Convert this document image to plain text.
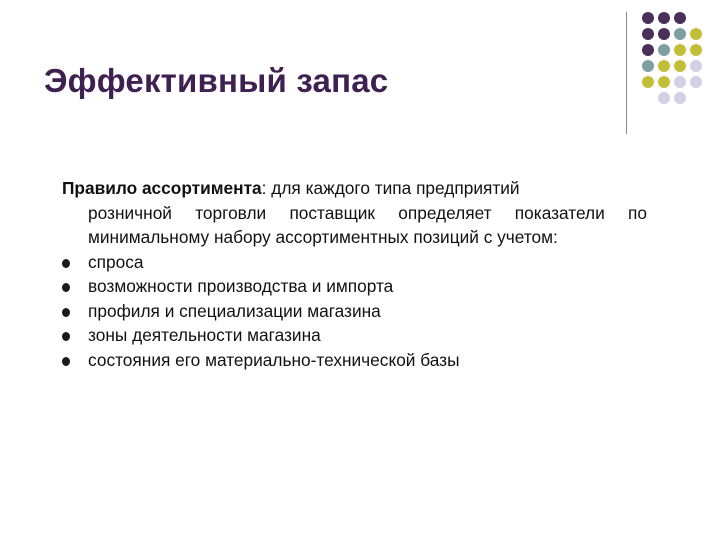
Эффективный запас
Правило ассортимента: для каждого типа предприятий
розничной торговли поставщик определяет показатели по минимальному набору ассортиментных позиций с учетом:
спроса
возможности производства и импорта
профиля и специализации магазина
зоны деятельности магазина
состояния его материально-технической базы
